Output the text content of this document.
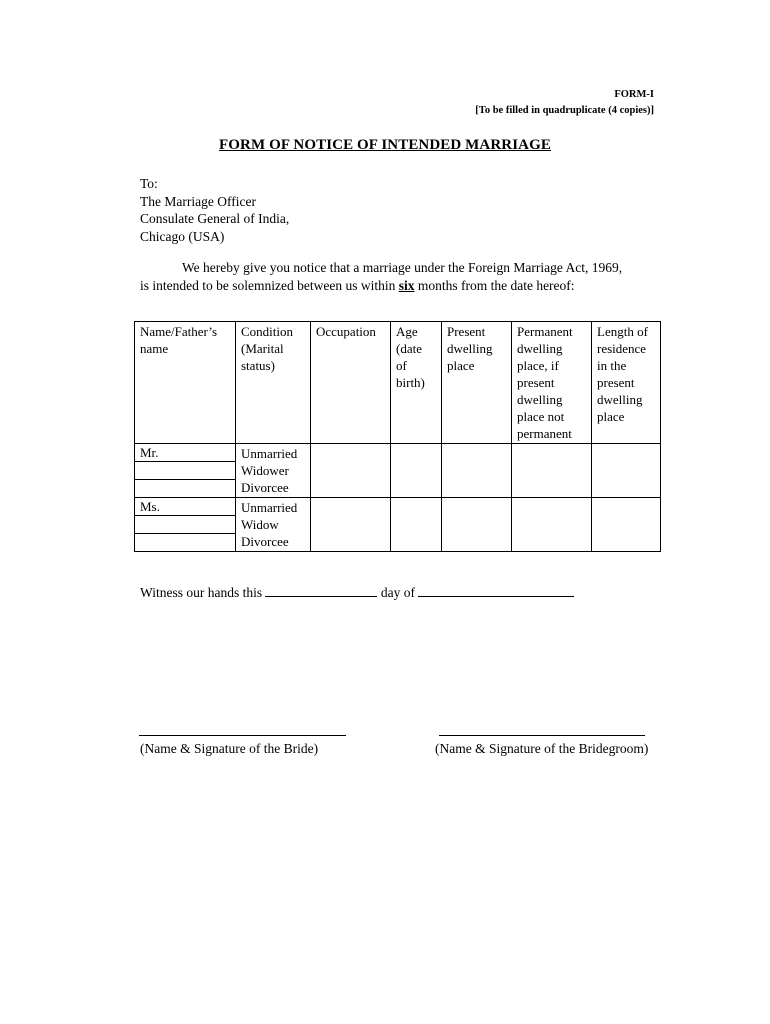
FORM-I
[To be filled in quadruplicate (4 copies)]
FORM OF NOTICE OF INTENDED MARRIAGE
To:
The Marriage Officer
Consulate General of India,
Chicago (USA)
We hereby give you notice that a marriage under the Foreign Marriage Act, 1969,
is intended to be solemnized between us within six months from the date hereof:
Name/Father’s name	Condition (Marital status)	Occupation	Age (date of birth)	Present dwelling place	Permanent dwelling place, if present dwelling place not permanent	Length of residence in the present dwelling place

Mr.	Unmarried
Widower
Divorcee					

Ms.	Unmarried
Widow
Divorcee					

Witness our hands this	day of
(Name & Signature of the Bride)	(Name & Signature of the Bridegroom)
